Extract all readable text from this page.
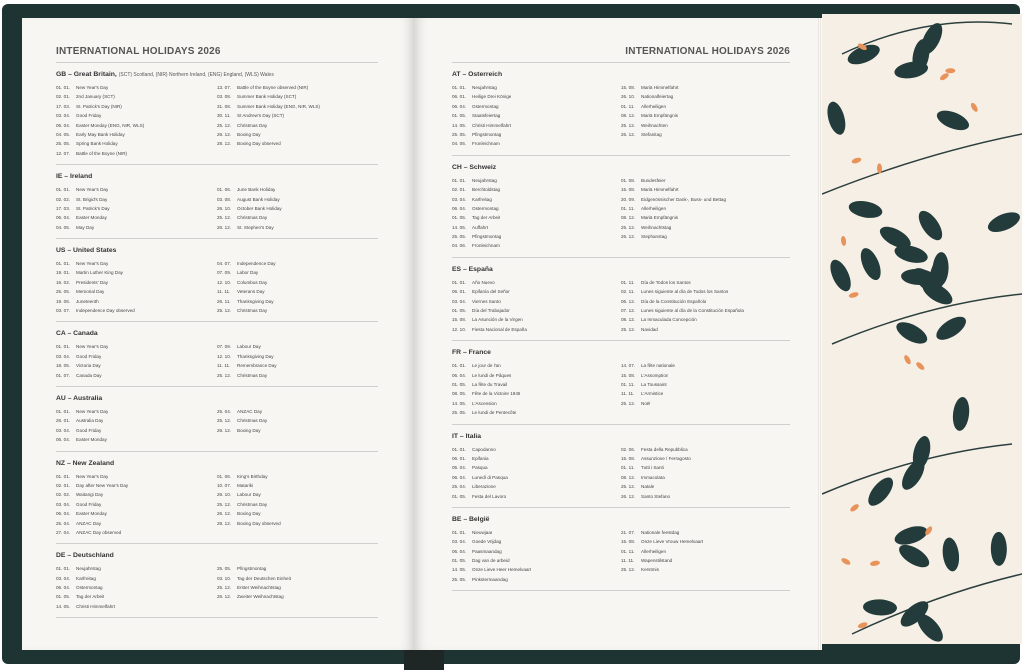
INTERNATIONAL HOLIDAYS 2026
GB – Great Britain, (SCT) Scotland, (NIR) Northern Ireland, (ENG) England, (WLS) Wales
01. 01.	New Year's Day
02. 01.	2nd January (SCT)
17. 03.	St. Patrick's Day (NIR)
03. 04.	Good Friday
06. 04.	Easter Monday (ENG, NIR, WLS)
04. 05.	Early May Bank Holiday
25. 05.	Spring Bank Holiday
12. 07.	Battle of the Boyne (NIR)
13. 07.	Battle of the Boyne observed (NIR)
03. 08.	Summer Bank Holiday (SCT)
31. 08.	Summer Bank Holiday (ENG, NIR, WLS)
30. 11.	St Andrew's Day (SCT)
25. 12.	Christmas Day
26. 12.	Boxing Day
28. 12.	Boxing Day observed
IE – Ireland
01. 01.	New Year's Day
02. 02.	St. Brigid's Day
17. 03.	St. Patrick's Day
06. 04.	Easter Monday
04. 05.	May Day
01. 06.	June Bank Holiday
03. 08.	August Bank Holiday
26. 10.	October Bank Holiday
25. 12.	Christmas Day
26. 12.	St. Stephen's Day
US – United States
01. 01.	New Year's Day
19. 01.	Martin Luther King Day
16. 02.	Presidents' Day
25. 05.	Memorial Day
19. 06.	Juneteenth
03. 07.	Independence Day observed
04. 07.	Independence Day
07. 09.	Labor Day
12. 10.	Columbus Day
11. 11.	Veterans Day
26. 11.	Thanksgiving Day
25. 12.	Christmas Day
CA – Canada
01. 01.	New Year's Day
03. 04.	Good Friday
18. 05.	Victoria Day
01. 07.	Canada Day
07. 09.	Labour Day
12. 10.	Thanksgiving Day
11. 11.	Remembrance Day
25. 12.	Christmas Day
AU – Australia
01. 01.	New Year's Day
26. 01.	Australia Day
03. 04.	Good Friday
06. 04.	Easter Monday
25. 04.	ANZAC Day
25. 12.	Christmas Day
26. 12.	Boxing Day
NZ – New Zealand
01. 01.	New Year's Day
02. 01.	Day after New Year's Day
02. 02.	Waitangi Day
03. 04.	Good Friday
06. 04.	Easter Monday
25. 04.	ANZAC Day
27. 04.	ANZAC Day observed
01. 06.	King's Birthday
10. 07.	Matariki
26. 10.	Labour Day
25. 12.	Christmas Day
26. 12.	Boxing Day
28. 12.	Boxing Day observed
DE – Deutschland
01. 01.	Neujahrstag
03. 04.	Karfreitag
06. 04.	Ostermontag
01. 05.	Tag der Arbeit
14. 05.	Christi Himmelfahrt
25. 05.	Pfingstmontag
03. 10.	Tag der Deutschen Einheit
25. 12.	Erster Weihnachtstag
26. 12.	Zweiter Weihnachtstag
INTERNATIONAL HOLIDAYS 2026
AT – Österreich
01. 01.	Neujahrstag
06. 01.	Heilige Drei Könige
06. 04.	Ostermontag
01. 05.	Staatsfeiertag
14. 05.	Christi Himmelfahrt
25. 05.	Pfingstmontag
04. 06.	Fronleichnam
15. 08.	Mariä Himmelfahrt
26. 10.	Nationalfeiertag
01. 11.	Allerheiligen
08. 12.	Mariä Empfängnis
25. 12.	Weihnachten
26. 12.	Stefanitag
CH – Schweiz
01. 01.	Neujahrstag
02. 01.	Berchtoldstag
03. 04.	Karfreitag
06. 04.	Ostermontag
01. 05.	Tag der Arbeit
14. 05.	Auffahrt
25. 05.	Pfingstmontag
04. 06.	Fronleichnam
01. 08.	Bundesfeier
15. 08.	Mariä Himmelfahrt
20. 09.	Eidgenössischer Dank-, Buss- und Bettag
01. 11.	Allerheiligen
08. 12.	Mariä Empfängnis
25. 12.	Weihnachtstag
26. 12.	Stephanstag
ES – España
01. 01.	Año Nuevo
06. 01.	Epifanía del Señor
03. 04.	Viernes Santo
01. 05.	Día del Trabajador
15. 08.	La Asunción de la Virgen
12. 10.	Fiesta Nacional de España
01. 11.	Día de Todos los Santos
02. 11.	Lunes siguiente al día de Todos los Santos
06. 12.	Día de la Constitución Española
07. 12.	Lunes siguiente al día de la Constitución Española
08. 12.	La Inmaculada Concepción
25. 12.	Navidad
FR – France
01. 01.	Le jour de l'an
06. 04.	Le lundi de Pâques
01. 05.	La fête du Travail
08. 05.	Fête de la Victoire 1945
14. 05.	L'Ascension
25. 05.	Le lundi de Pentecôte
14. 07.	La fête nationale
15. 08.	L'Assomption
01. 11.	La Toussaint
11. 11.	L'Armistice
25. 12.	Noël
IT – Italia
01. 01.	Capodanno
06. 01.	Epifania
05. 04.	Pasqua
06. 04.	Lunedì di Pasqua
25. 04.	Liberazione
01. 05.	Festa del Lavoro
02. 06.	Festa della Repubblica
15. 08.	Assunzione / Ferragosto
01. 11.	Tutti i Santi
08. 12.	Immacolata
25. 12.	Natale
26. 12.	Santo Stefano
BE – België
01. 01.	Nieuwjaar
03. 04.	Goede Vrijdag
06. 04.	Paasmaandag
01. 05.	Dag van de arbeid
14. 05.	Onze Lieve Heer Hemelvaart
25. 05.	Pinkstermaandag
21. 07.	Nationale feestdag
15. 08.	Onze Lieve Vrouw Hemelvaart
01. 11.	Allerheiligen
11. 11.	Wapenstilstand
25. 12.	Kerstmis
